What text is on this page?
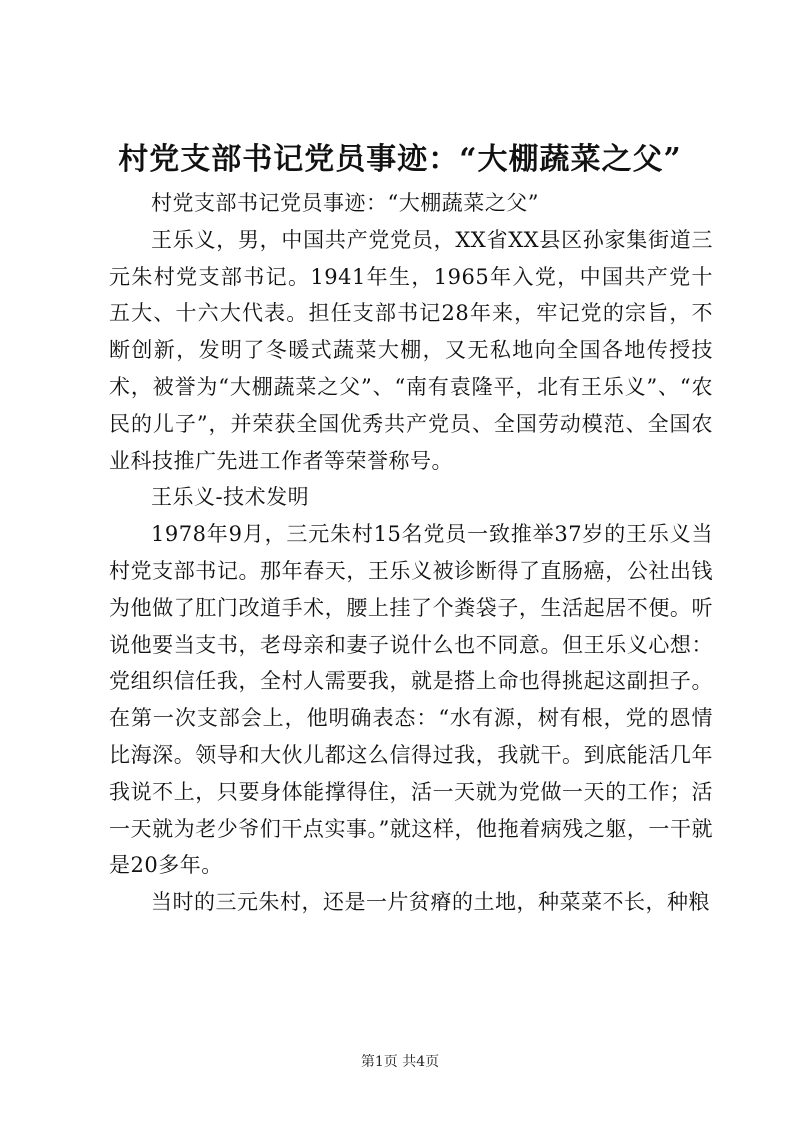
村党支部书记党员事迹：“大棚蔬菜之父”

村党支部书记党员事迹：“大棚蔬菜之父”

王乐义，男，中国共产党党员，XX省XX县区孙家集街道三元朱村党支部书记。1941年生，1965年入党，中国共产党十五大、十六大代表。担任支部书记28年来，牢记党的宗旨，不断创新，发明了冬暖式蔬菜大棚，又无私地向全国各地传授技术，被誉为“大棚蔬菜之父”、“南有袁隆平，北有王乐义”、“农民的儿子”，并荣获全国优秀共产党员、全国劳动模范、全国农业科技推广先进工作者等荣誉称号。

王乐义-技术发明

1978年9月，三元朱村15名党员一致推举37岁的王乐义当村党支部书记。那年春天，王乐义被诊断得了直肠癌，公社出钱为他做了肛门改道手术，腰上挂了个粪袋子，生活起居不便。听说他要当支书，老母亲和妻子说什么也不同意。但王乐义心想：党组织信任我，全村人需要我，就是搭上命也得挑起这副担子。在第一次支部会上，他明确表态：“水有源，树有根，党的恩情比海深。领导和大伙儿都这么信得过我，我就干。到底能活几年我说不上，只要身体能撑得住，活一天就为党做一天的工作；活一天就为老少爷们干点实事。”就这样，他拖着病残之躯，一干就是20多年。

当时的三元朱村，还是一片贫瘠的土地，种菜菜不长，种粮

第1页 共4页
